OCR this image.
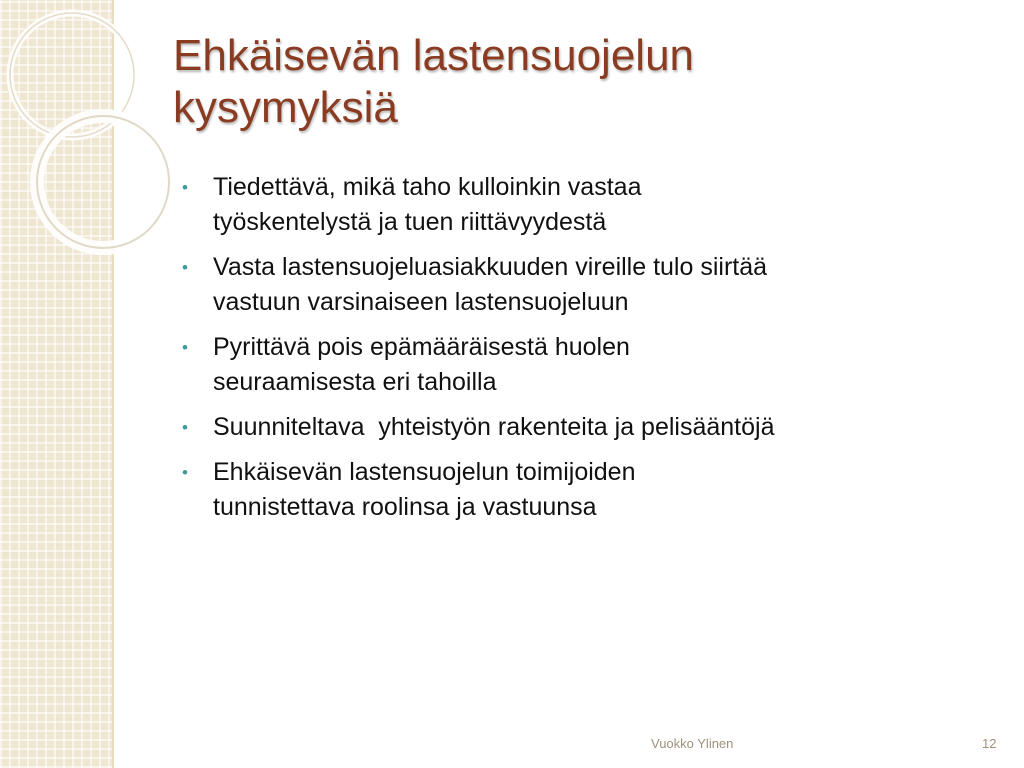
Ehkäisevän lastensuojelun
kysymyksiä
• Tiedettävä, mikä taho kulloinkin vastaa
työskentelystä ja tuen riittävyydestä
• Vasta lastensuojeluasiakkuuden vireille tulo siirtää
vastuun varsinaiseen lastensuojeluun
• Pyrittävä pois epämääräisestä huolen
seuraamisesta eri tahoilla
• Suunniteltava  yhteistyön rakenteita ja pelisääntöjä
• Ehkäisevän lastensuojelun toimijoiden
tunnistettava roolinsa ja vastuunsa
Vuokko Ylinen	12
